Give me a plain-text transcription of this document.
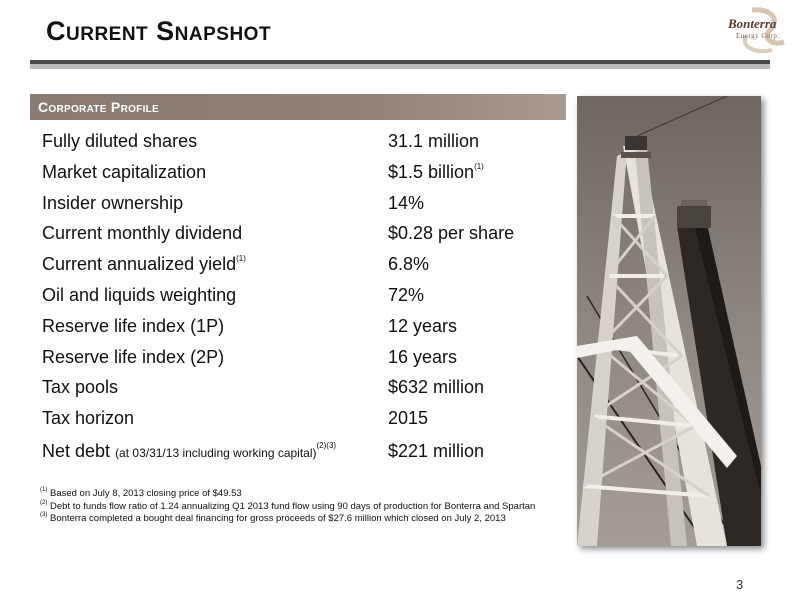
Current Snapshot	Bonterra
Energy Corp.
Corporate Profile
Fully diluted shares	31.1 million
Market capitalization	$1.5 billion$^{(1)}$
Insider ownership	14%
Current monthly dividend	$0.28 per share
Current annualized yield$^{(1)}$	6.8%
Oil and liquids weighting	72%
Reserve life index (1P)	12 years
Reserve life index (2P)	16 years
Tax pools	$632 million
Tax horizon	2015
Net debt (at 03/31/13 including working capital)$^{(2)(3)}$	$221 million
$^{(1)}$ Based on July 8, 2013 closing price of $49.53
$^{(2)}$ Debt to funds flow ratio of 1.24 annualizing Q1 2013 fund flow using 90 days of production for Bonterra and Spartan
$^{(3)}$ Bonterra completed a bought deal financing for gross proceeds of $27.6 million which closed on July 2, 2013
3
